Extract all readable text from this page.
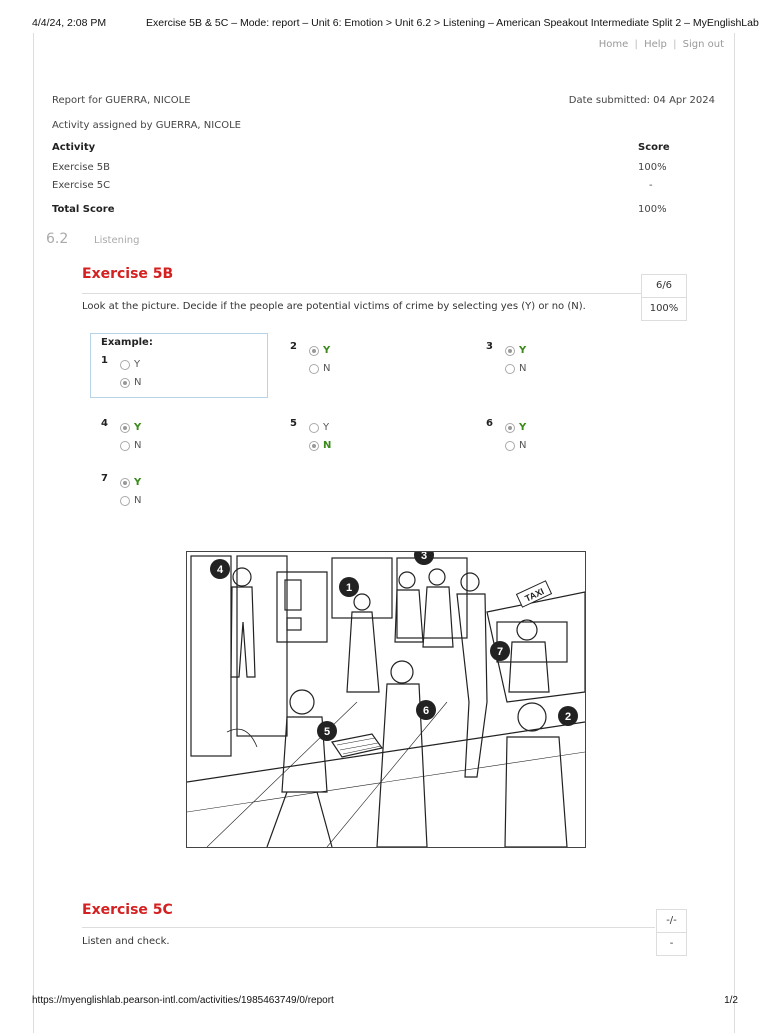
4/4/24, 2:08 PM	Exercise 5B & 5C – Mode: report – Unit 6: Emotion > Unit 6.2 > Listening – American Speakout Intermediate Split 2 – MyEnglishLab
Home | Help | Sign out
Report for GUERRA, NICOLE	Date submitted: 04 Apr 2024
Activity assigned by GUERRA, NICOLE
Activity	Score
Exercise 5B	100%
Exercise 5C	-
Total Score	100%
6.2	Listening
Exercise 5B
Look at the picture. Decide if the people are potential victims of crime by selecting yes (Y) or no (N).
6/6
100%
Example:
1	Y
N
2	Y
N
3	Y
N
4	Y
N
5	Y
N
6	Y
N
7	Y
N
TAXI
1
2
3
4
5
6
7
Exercise 5C
Listen and check.
-/-
-
https://myenglishlab.pearson-intl.com/activities/1985463749/0/report	1/2
